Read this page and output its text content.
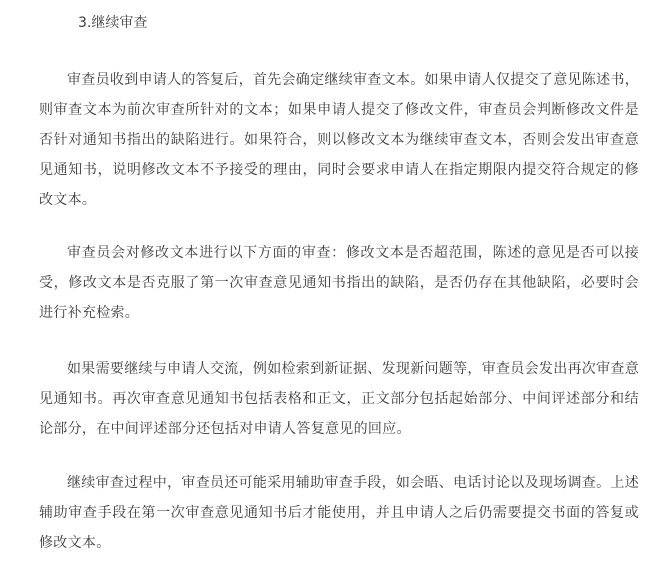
3.继续审查

审查员收到申请人的答复后，首先会确定继续审查文本。如果申请人仅提交了意见陈述书，则审查文本为前次审查所针对的文本；如果申请人提交了修改文件，审查员会判断修改文件是否针对通知书指出的缺陷进行。如果符合，则以修改文本为继续审查文本，否则会发出审查意见通知书，说明修改文本不予接受的理由，同时会要求申请人在指定期限内提交符合规定的修改文本。

审查员会对修改文本进行以下方面的审查：修改文本是否超范围，陈述的意见是否可以接受，修改文本是否克服了第一次审查意见通知书指出的缺陷，是否仍存在其他缺陷，必要时会进行补充检索。

如果需要继续与申请人交流，例如检索到新证据、发现新问题等，审查员会发出再次审查意见通知书。再次审查意见通知书包括表格和正文，正文部分包括起始部分、中间评述部分和结论部分，在中间评述部分还包括对申请人答复意见的回应。

继续审查过程中，审查员还可能采用辅助审查手段，如会晤、电话讨论以及现场调查。上述辅助审查手段在第一次审查意见通知书后才能使用，并且申请人之后仍需要提交书面的答复或修改文本。
